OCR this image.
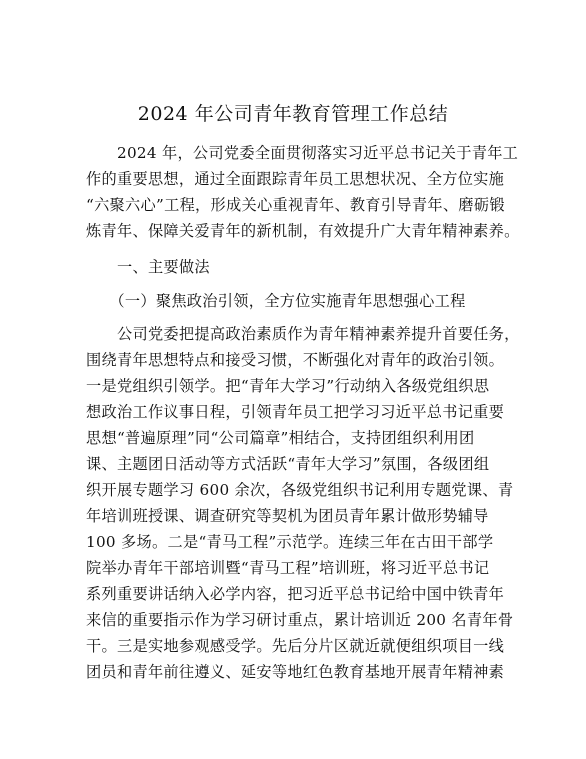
2024 年公司青年教育管理工作总结
　　2024 年，公司党委全面贯彻落实习近平总书记关于青年工
作的重要思想，通过全面跟踪青年员工思想状况、全方位实施
“六聚六心”工程，形成关心重视青年、教育引导青年、磨砺锻
炼青年、保障关爱青年的新机制，有效提升广大青年精神素养。
　　一、主要做法
　　（一）聚焦政治引领，全方位实施青年思想强心工程
　　公司党委把提高政治素质作为青年精神素养提升首要任务，
围绕青年思想特点和接受习惯，不断强化对青年的政治引领。
一是党组织引领学。把“青年大学习”行动纳入各级党组织思
想政治工作议事日程，引领青年员工把学习习近平总书记重要
思想“普遍原理”同“公司篇章”相结合，支持团组织利用团
课、主题团日活动等方式活跃“青年大学习”氛围，各级团组
织开展专题学习 600 余次，各级党组织书记利用专题党课、青
年培训班授课、调查研究等契机为团员青年累计做形势辅导
100 多场。二是“青马工程”示范学。连续三年在古田干部学
院举办青年干部培训暨“青马工程”培训班，将习近平总书记
系列重要讲话纳入必学内容，把习近平总书记给中国中铁青年
来信的重要指示作为学习研讨重点，累计培训近 200 名青年骨
干。三是实地参观感受学。先后分片区就近就便组织项目一线
团员和青年前往遵义、延安等地红色教育基地开展青年精神素
